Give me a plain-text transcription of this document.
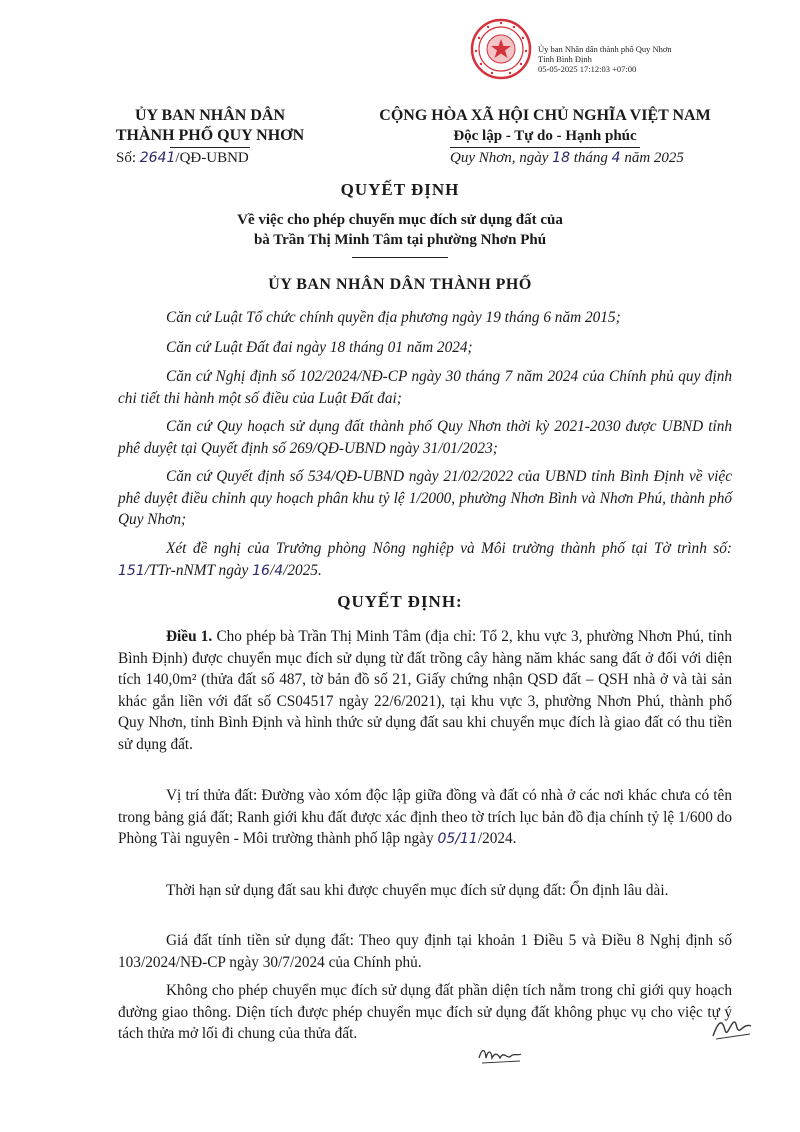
Ủy ban Nhân dân thành phố Quy Nhơn
Tỉnh Bình Định
05-05-2025 17:12:03 +07:00
ỦY BAN NHÂN DÂN
THÀNH PHỐ QUY NHƠN
CỘNG HÒA XÃ HỘI CHỦ NGHĨA VIỆT NAM
Độc lập - Tự do - Hạnh phúc
Số: 2641/QĐ-UBND	Quy Nhơn, ngày 18 tháng 4 năm 2025
QUYẾT ĐỊNH
Về việc cho phép chuyển mục đích sử dụng đất của
bà Trần Thị Minh Tâm tại phường Nhơn Phú
ỦY BAN NHÂN DÂN THÀNH PHỐ

Căn cứ Luật Tổ chức chính quyền địa phương ngày 19 tháng 6 năm 2015;

Căn cứ Luật Đất đai ngày 18 tháng 01 năm 2024;

Căn cứ Nghị định số 102/2024/NĐ-CP ngày 30 tháng 7 năm 2024 của Chính phủ quy định chi tiết thi hành một số điều của Luật Đất đai;

Căn cứ Quy hoạch sử dụng đất thành phố Quy Nhơn thời kỳ 2021-2030 được UBND tỉnh phê duyệt tại Quyết định số 269/QĐ-UBND ngày 31/01/2023;

Căn cứ Quyết định số 534/QĐ-UBND ngày 21/02/2022 của UBND tỉnh Bình Định về việc phê duyệt điều chỉnh quy hoạch phân khu tỷ lệ 1/2000, phường Nhơn Bình và Nhơn Phú, thành phố Quy Nhơn;

Xét đề nghị của Trưởng phòng Nông nghiệp và Môi trường thành phố tại Tờ trình số: 151/TTr-nNMT ngày 16/4/2025.

QUYẾT ĐỊNH:

Điều 1. Cho phép bà Trần Thị Minh Tâm (địa chỉ: Tổ 2, khu vực 3, phường Nhơn Phú, tỉnh Bình Định) được chuyển mục đích sử dụng từ đất trồng cây hàng năm khác sang đất ở đối với diện tích 140,0m² (thửa đất số 487, tờ bản đồ số 21, Giấy chứng nhận QSD đất – QSH nhà ở và tài sản khác gắn liền với đất số CS04517 ngày 22/6/2021), tại khu vực 3, phường Nhơn Phú, thành phố Quy Nhơn, tỉnh Bình Định và hình thức sử dụng đất sau khi chuyển mục đích là giao đất có thu tiền sử dụng đất.

Vị trí thửa đất: Đường vào xóm độc lập giữa đồng và đất có nhà ở các nơi khác chưa có tên trong bảng giá đất; Ranh giới khu đất được xác định theo tờ trích lục bản đồ địa chính tỷ lệ 1/600 do Phòng Tài nguyên - Môi trường thành phố lập ngày 05/11/2024.

Thời hạn sử dụng đất sau khi được chuyển mục đích sử dụng đất: Ổn định lâu dài.

Giá đất tính tiền sử dụng đất: Theo quy định tại khoản 1 Điều 5 và Điều 8 Nghị định số 103/2024/NĐ-CP ngày 30/7/2024 của Chính phủ.

Không cho phép chuyển mục đích sử dụng đất phần diện tích nằm trong chỉ giới quy hoạch đường giao thông. Diện tích được phép chuyển mục đích sử dụng đất không phục vụ cho việc tự ý tách thửa mở lối đi chung của thửa đất.
